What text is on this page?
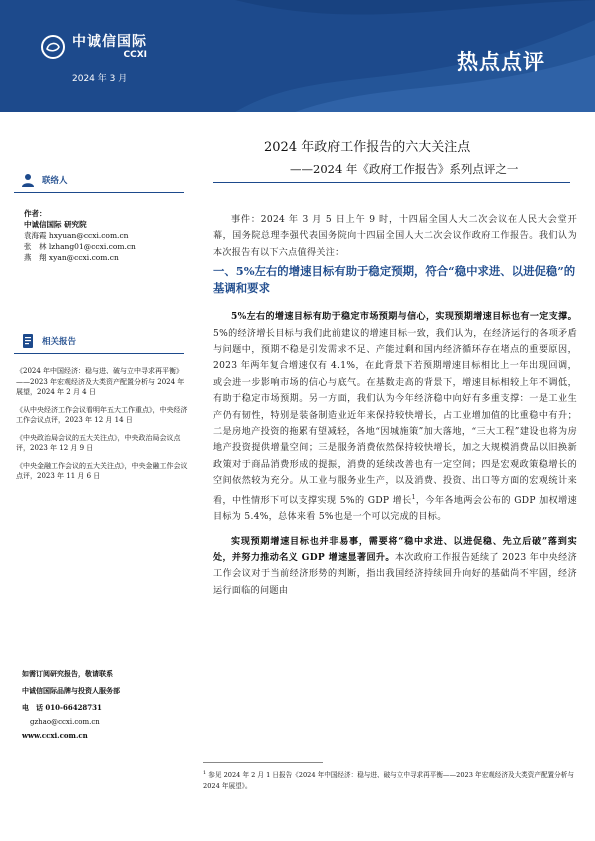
中诚信国际
CCXI
2024 年 3 月
热点点评
2024 年政府工作报告的六大关注点
——2024 年《政府工作报告》系列点评之一
联络人
作者：
中诚信国际 研究院
袁海霞 hxyuan@ccxi.com.cn
张　林 lzhang01@ccxi.com.cn
燕　翔 xyan@ccxi.com.cn
相关报告
《2024 年中国经济：稳与进、破与立中寻求再平衡》——2023 年宏观经济及大类资产配置分析与 2024 年展望，2024 年 2 月 4 日
《从中央经济工作会议看明年五大工作重点》，中央经济工作会议点评，2023 年 12 月 14 日
《中央政治局会议的五大关注点》，中央政治局会议点评，2023 年 12 月 9 日
《中央金融工作会议的五大关注点》，中央金融工作会议点评，2023 年 11 月 6 日
如需订阅研究报告，敬请联系
中诚信国际品牌与投资人服务部
电　话 010-66428731
gzhao@ccxi.com.cn
www.ccxi.com.cn

事件：2024 年 3 月 5 日上午 9 时，十四届全国人大二次会议在人民大会堂开幕，国务院总理李强代表国务院向十四届全国人大二次会议作政府工作报告。我们认为本次报告有以下六点值得关注：

一、5%左右的增速目标有助于稳定预期，符合“稳中求进、以进促稳”的基调和要求

5%左右的增速目标有助于稳定市场预期与信心，实现预期增速目标也有一定支撑。5%的经济增长目标与我们此前建议的增速目标一致，我们认为，在经济运行的各项矛盾与问题中，预期不稳是引发需求不足、产能过剩和国内经济循环存在堵点的重要原因，2023 年两年复合增速仅有 4.1%，在此背景下若预期增速目标相比上一年出现回调，或会进一步影响市场的信心与底气。在基数走高的背景下，增速目标相较上年不调低，有助于稳定市场预期。另一方面，我们认为今年经济稳中向好有多重支撑：一是工业生产仍有韧性，特别是装备制造业近年来保持较快增长，占工业增加值的比重稳中有升；二是房地产投资的拖累有望减轻，各地“因城施策”加大落地，“三大工程”建设也将为房地产投资提供增量空间；三是服务消费依然保持较快增长，加之大规模消费品以旧换新政策对于商品消费形成的提振，消费的延续改善也有一定空间；四是宏观政策稳增长的空间依然较为充分。从工业与服务业生产，以及消费、投资、出口等方面的宏观统计来看，中性情形下可以支撑实现 5%的 GDP 增长$^1$，今年各地两会公布的 GDP 加权增速目标为 5.4%，总体来看 5%也是一个可以完成的目标。

实现预期增速目标也并非易事，需要将“稳中求进、以进促稳、先立后破”落到实处，并努力推动名义 GDP 增速显著回升。本次政府工作报告延续了 2023 年中央经济工作会议对于当前经济形势的判断，指出我国经济持续回升向好的基础尚不牢固，经济运行面临的问题由

$^1$ 参见 2024 年 2 月 1 日报告《2024 年中国经济：稳与进、破与立中寻求再平衡——2023 年宏观经济及大类资产配置分析与 2024 年展望》。
